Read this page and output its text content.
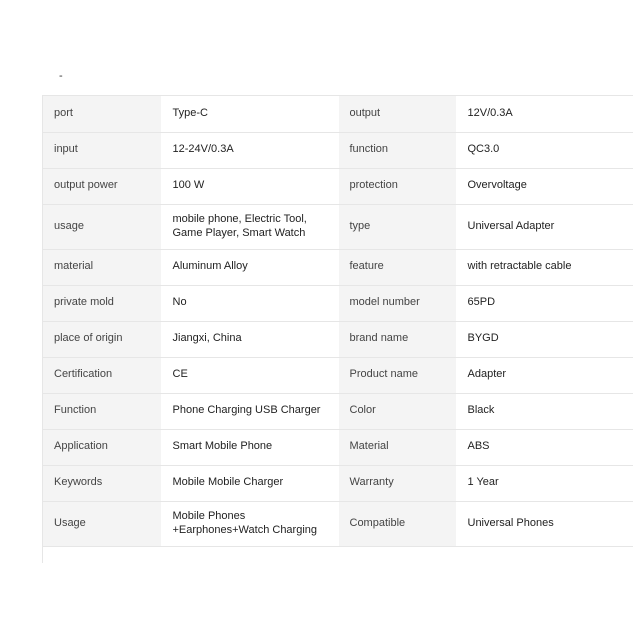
-
port	Type-C	output	12V/0.3A
input	12-24V/0.3A	function	QC3.0
output power	100 W	protection	Overvoltage
usage	mobile phone, Electric Tool, Game Player, Smart Watch	type	Universal Adapter
material	Aluminum Alloy	feature	with retractable cable
private mold	No	model number	65PD
place of origin	Jiangxi, China	brand name	BYGD
Certification	CE	Product name	Adapter
Function	Phone Charging USB Charger	Color	Black
Application	Smart Mobile Phone	Material	ABS
Keywords	Mobile Mobile Charger	Warranty	1 Year
Usage	Mobile Phones +Earphones+Watch Charging	Compatible	Universal Phones
